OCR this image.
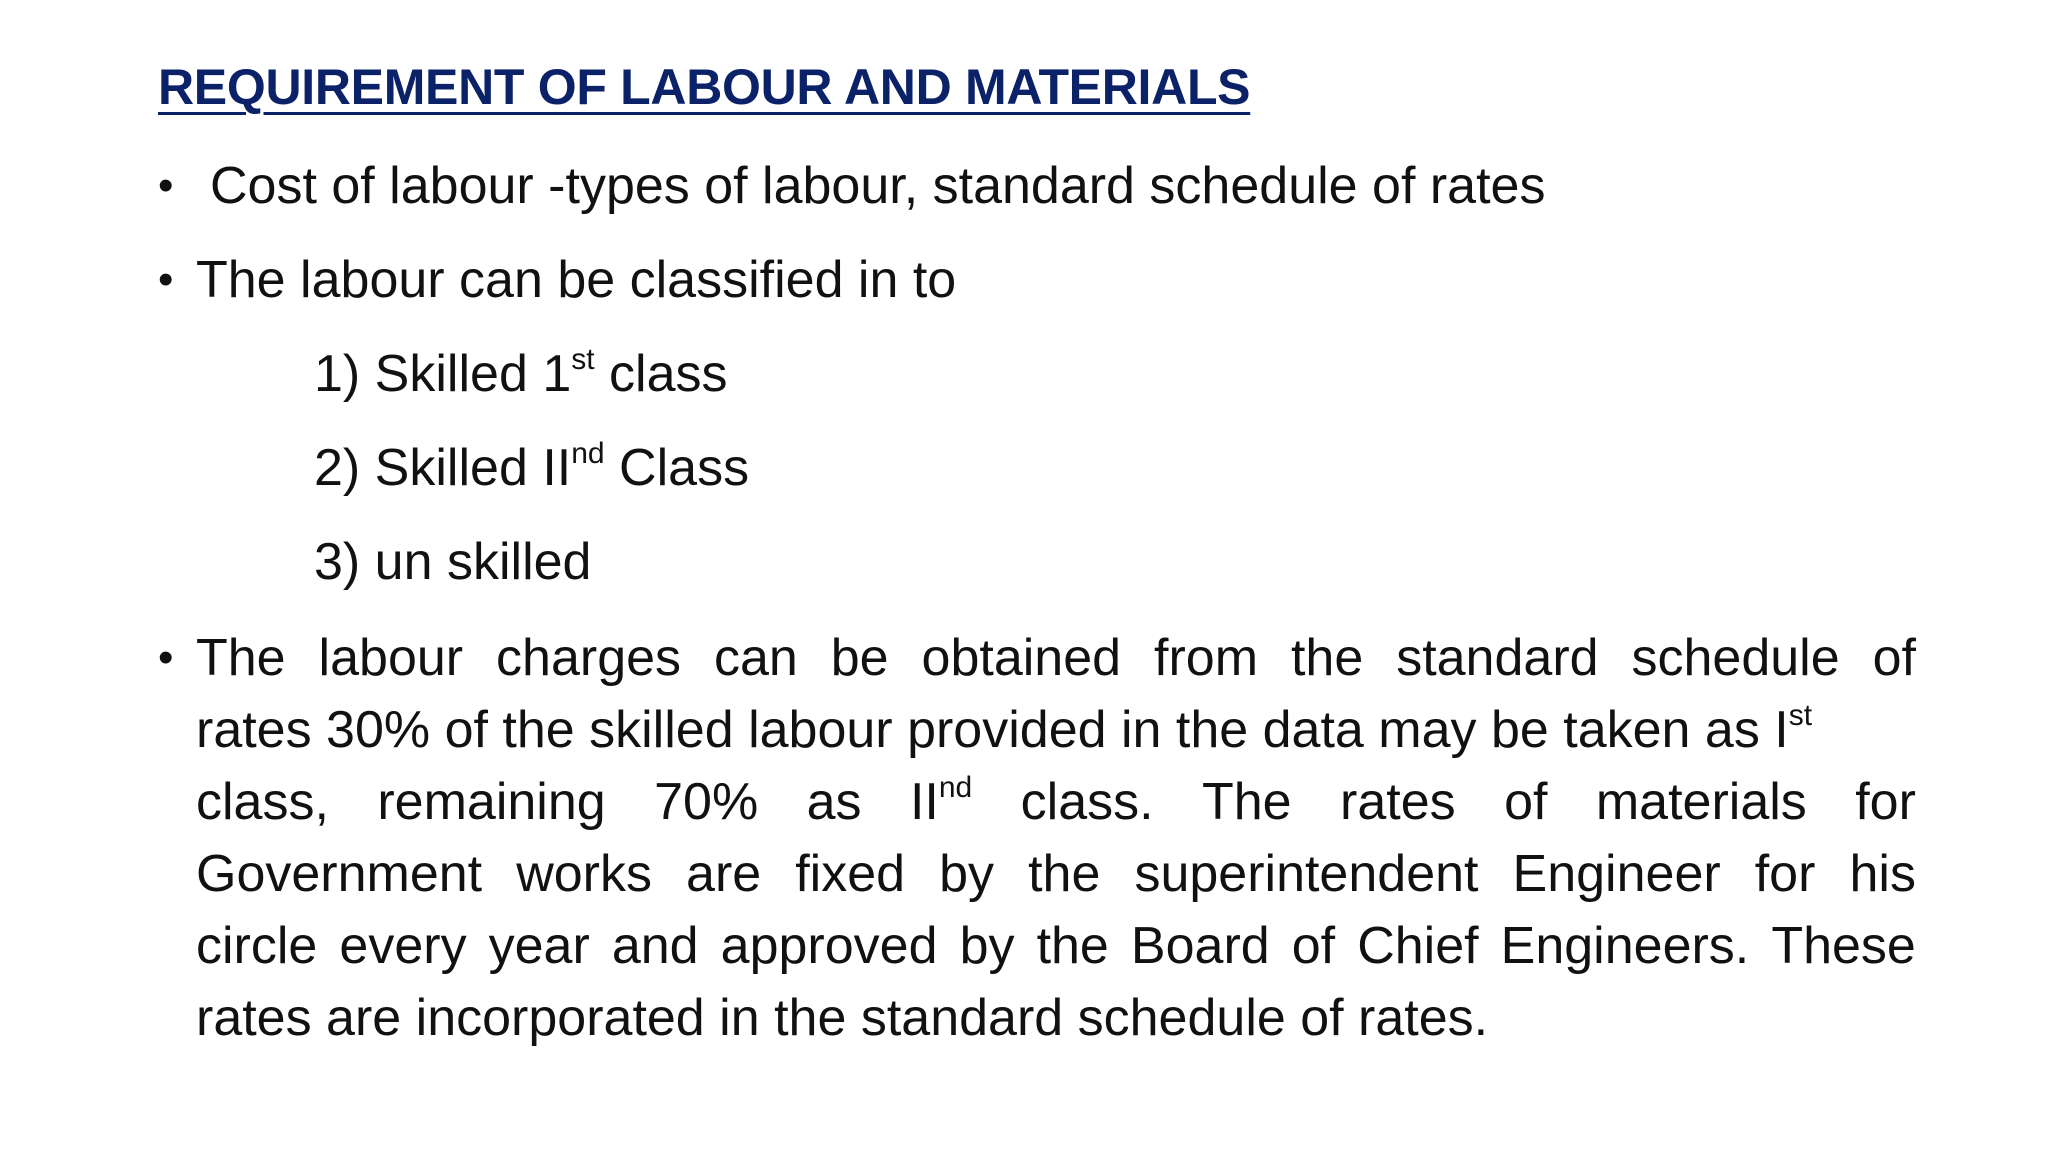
REQUIREMENT OF LABOUR AND MATERIALS
• Cost of labour -types of labour, standard schedule of rates
• The labour can be classified in to
1) Skilled 1st class
2) Skilled IInd Class
3) un skilled
• The labour charges can be obtained from the standard schedule of
rates 30% of the skilled labour provided in the data may be taken as Ist
class, remaining 70% as IInd class. The rates of materials for
Government works are fixed by the superintendent Engineer for his
circle every year and approved by the Board of Chief Engineers. These
rates are incorporated in the standard schedule of rates.
